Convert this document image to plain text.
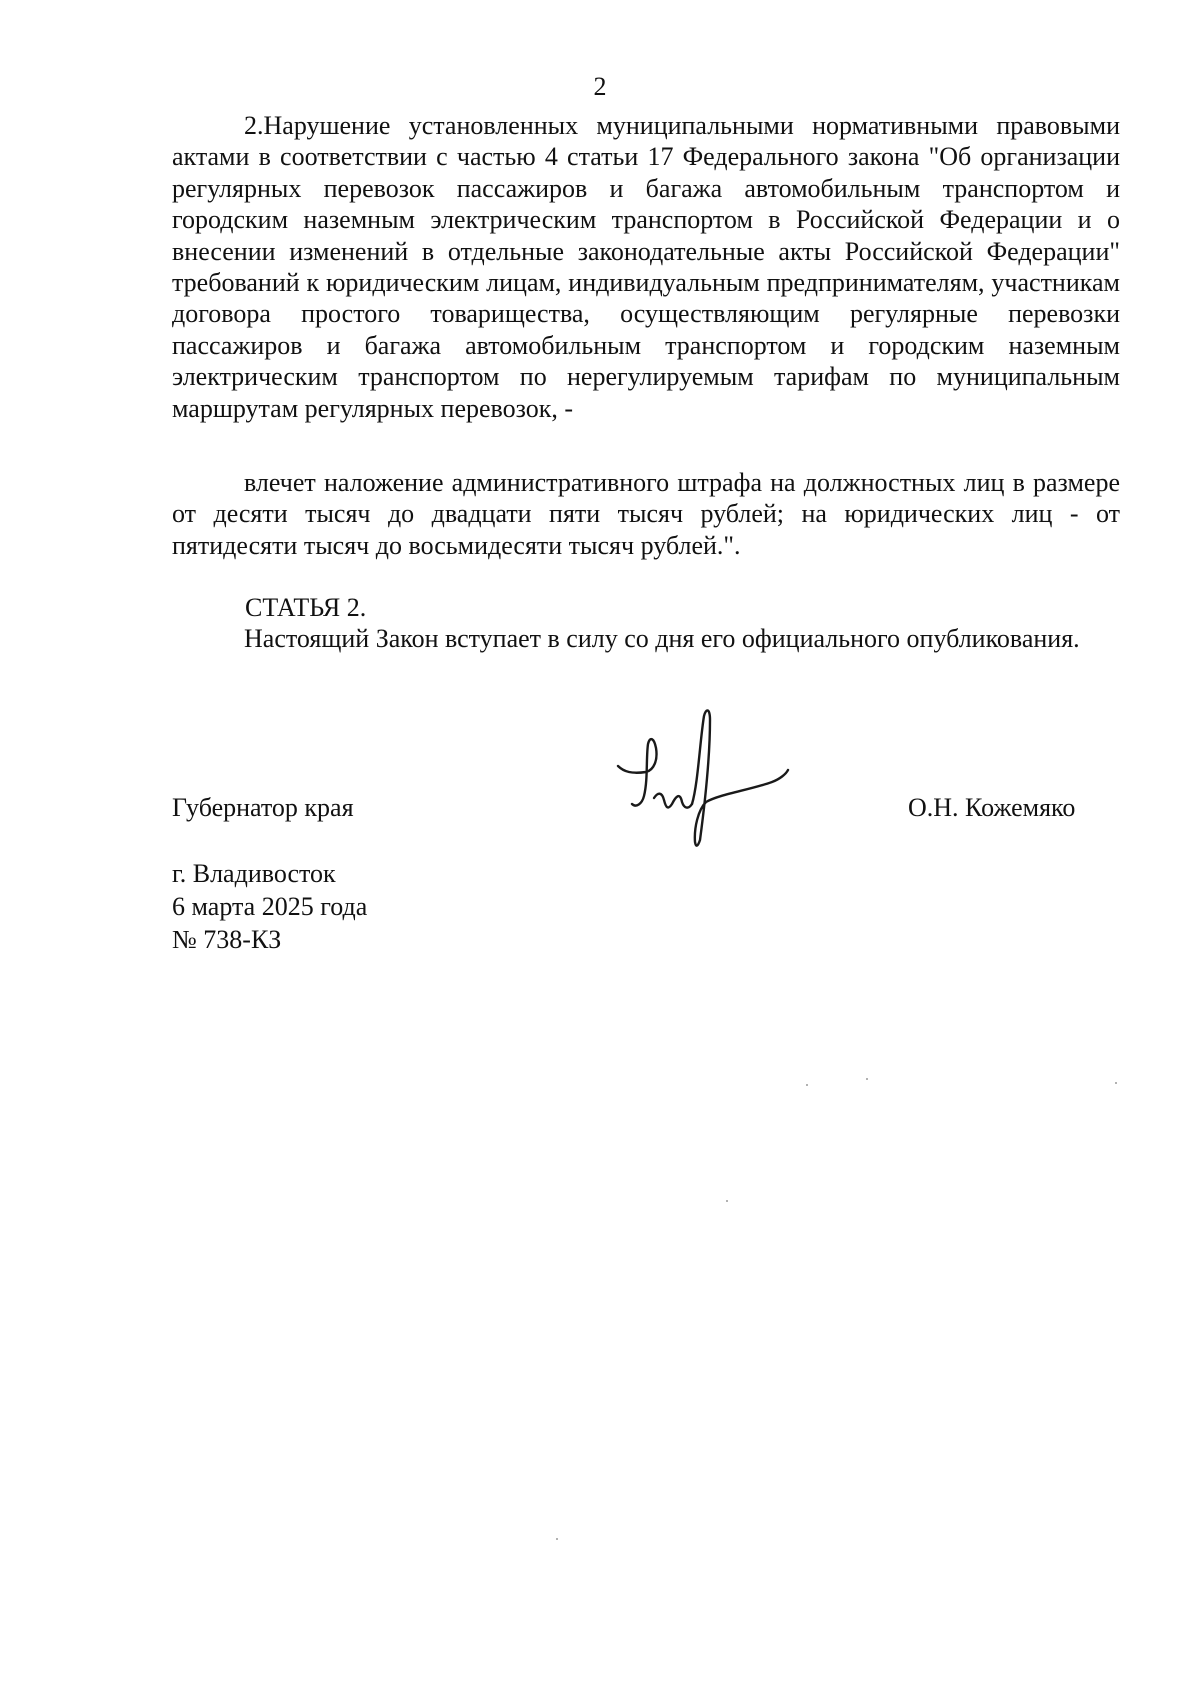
2

2.Нарушение установленных муниципальными нормативными правовыми актами в соответствии с частью 4 статьи 17 Федерального закона "Об организации регулярных перевозок пассажиров и багажа автомобильным транспортом и городским наземным электрическим транспортом в Российской Федерации и о внесении изменений в отдельные законодательные акты Российской Федерации" требований к юридическим лицам, индивидуальным предпринимателям, участникам договора простого товарищества, осуществляющим регулярные перевозки пассажиров и багажа автомобильным транспортом и городским наземным электрическим транспортом по нерегулируемым тарифам по муниципальным маршрутам регулярных перевозок, -

влечет наложение административного штрафа на должностных лиц в размере от десяти тысяч до двадцати пяти тысяч рублей; на юридических лиц - от пятидесяти тысяч до восьмидесяти тысяч рублей.".

СТАТЬЯ 2.

Настоящий Закон вступает в силу со дня его официального опубликования.

Губернатор края	О.Н. Кожемяко
г. Владивосток
6 марта 2025 года
№ 738-КЗ
